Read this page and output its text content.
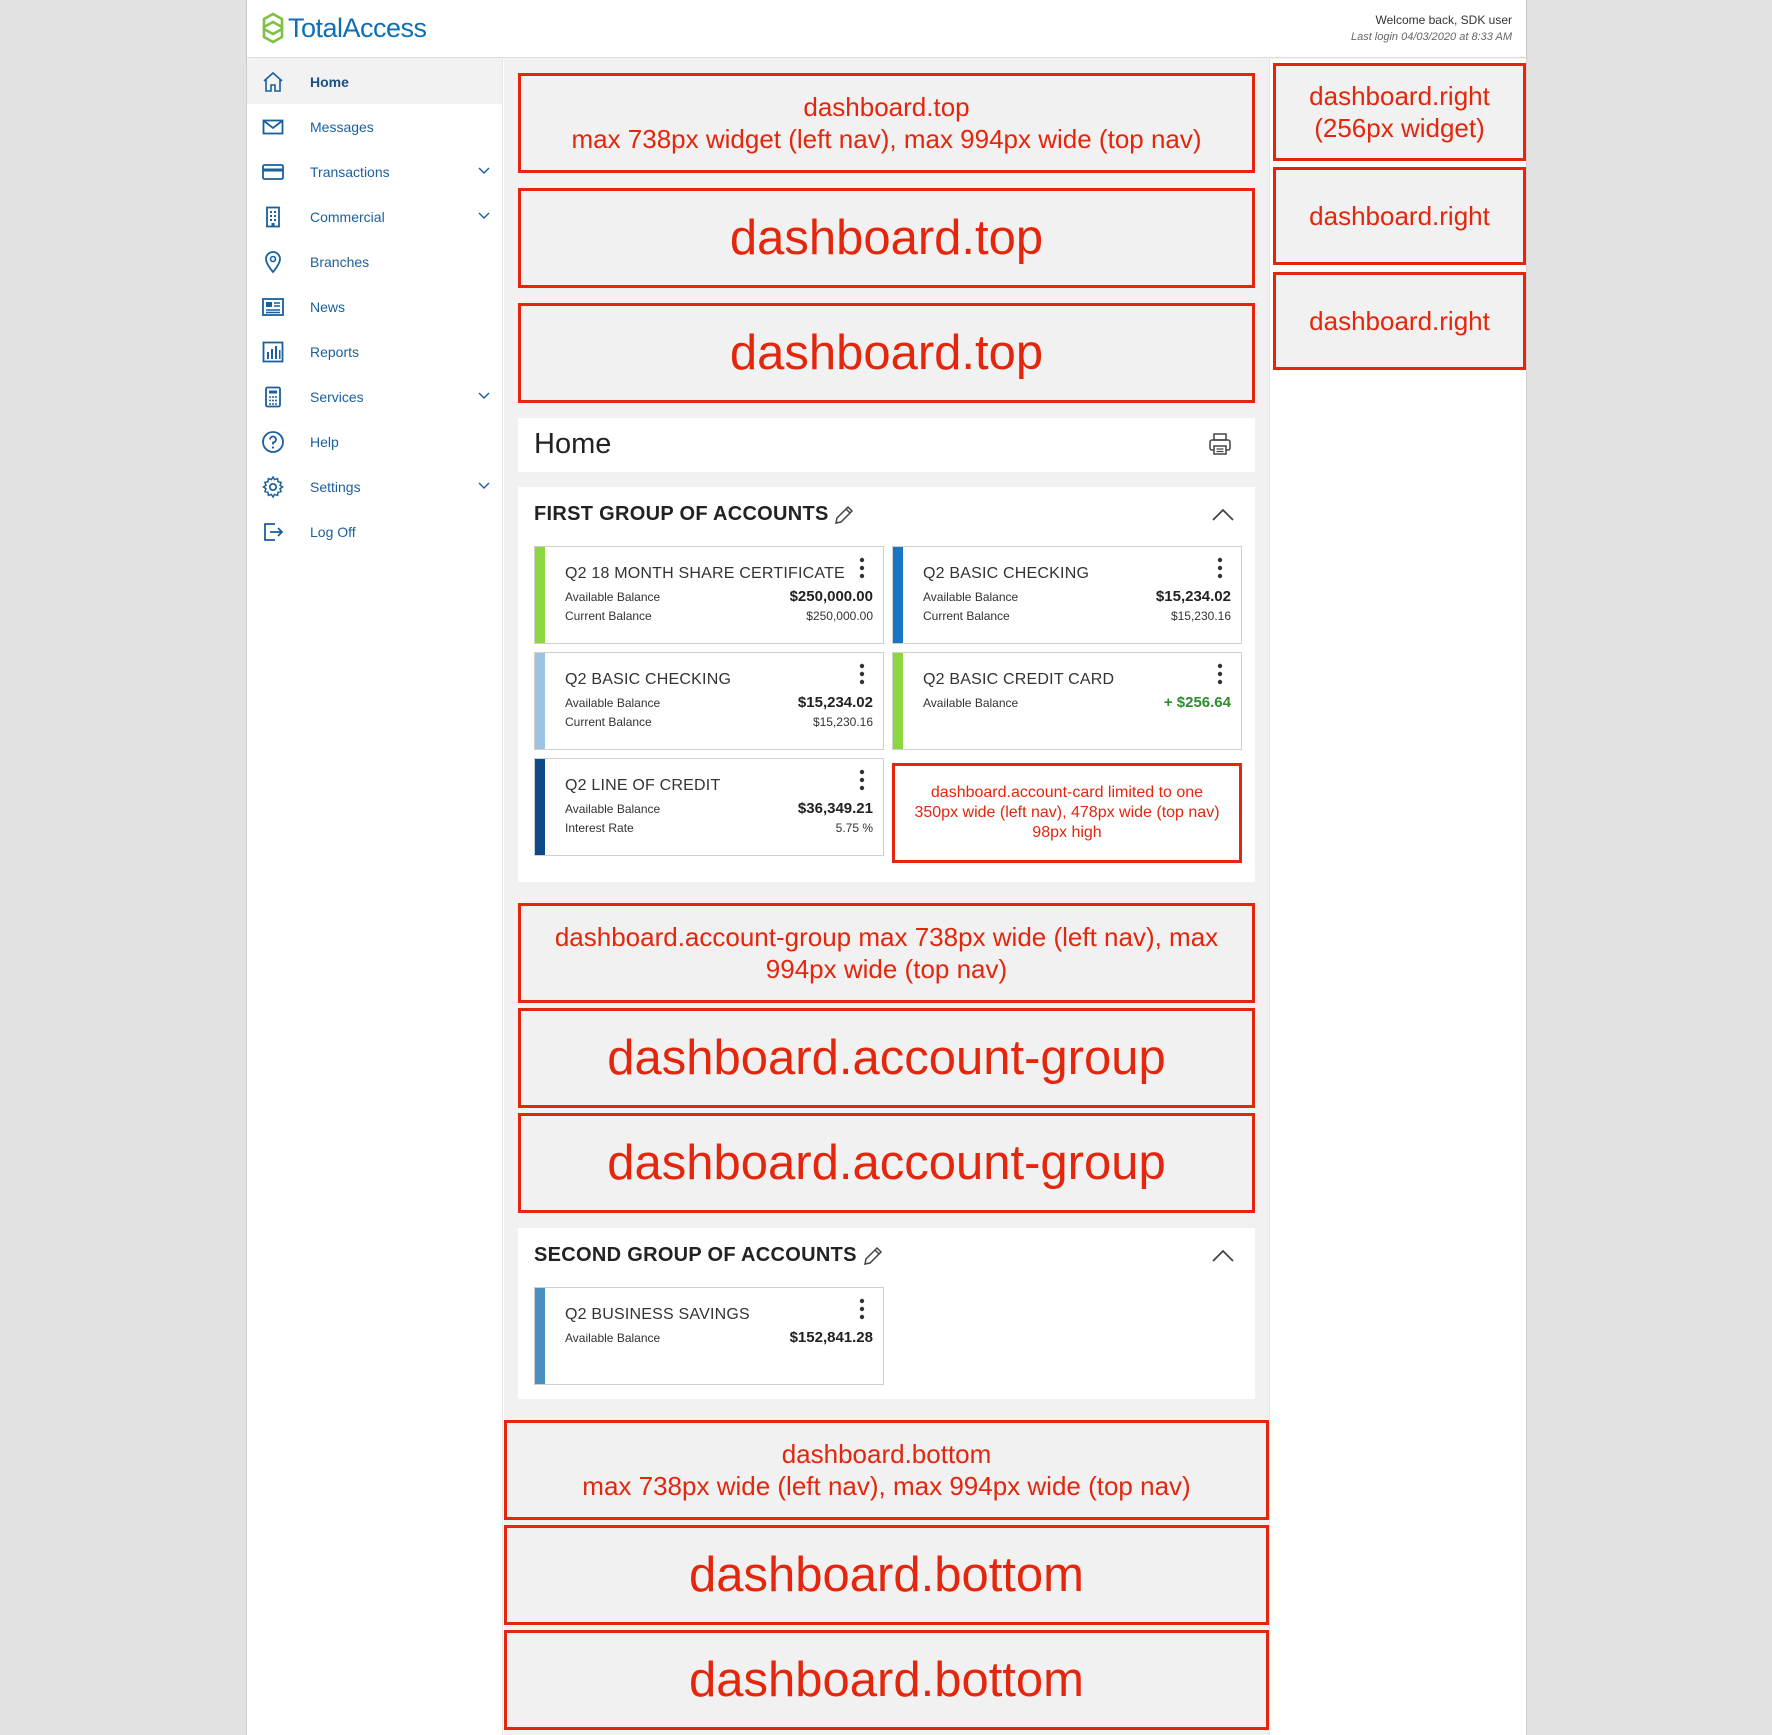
TotalAccess	Welcome back, SDK user
Last login 04/03/2020 at 8:33 AM
Home
Messages
Transactions
Commercial
Branches
News
Reports
Services
Help
Settings
Log Off
dashboard.top
max 738px widget (left nav), max 994px wide (top nav)
dashboard.top
dashboard.top
Home
FIRST GROUP OF ACCOUNTS
Q2 18 MONTH SHARE CERTIFICATE
Available Balance	$250,000.00
Current Balance	$250,000.00
Q2 BASIC CHECKING
Available Balance	$15,234.02
Current Balance	$15,230.16
Q2 BASIC CHECKING
Available Balance	$15,234.02
Current Balance	$15,230.16
Q2 BASIC CREDIT CARD
Available Balance	+ $256.64
Q2 LINE OF CREDIT
Available Balance	$36,349.21
Interest Rate	5.75 %
dashboard.account-card limited to one
350px wide (left nav), 478px wide (top nav)
98px high
dashboard.account-group max 738px wide (left nav), max
994px wide (top nav)
dashboard.account-group
dashboard.account-group
SECOND GROUP OF ACCOUNTS
Q2 BUSINESS SAVINGS
Available Balance	$152,841.28
dashboard.bottom
max 738px wide (left nav), max 994px wide (top nav)
dashboard.bottom
dashboard.bottom
dashboard.right
(256px widget)
dashboard.right
dashboard.right
